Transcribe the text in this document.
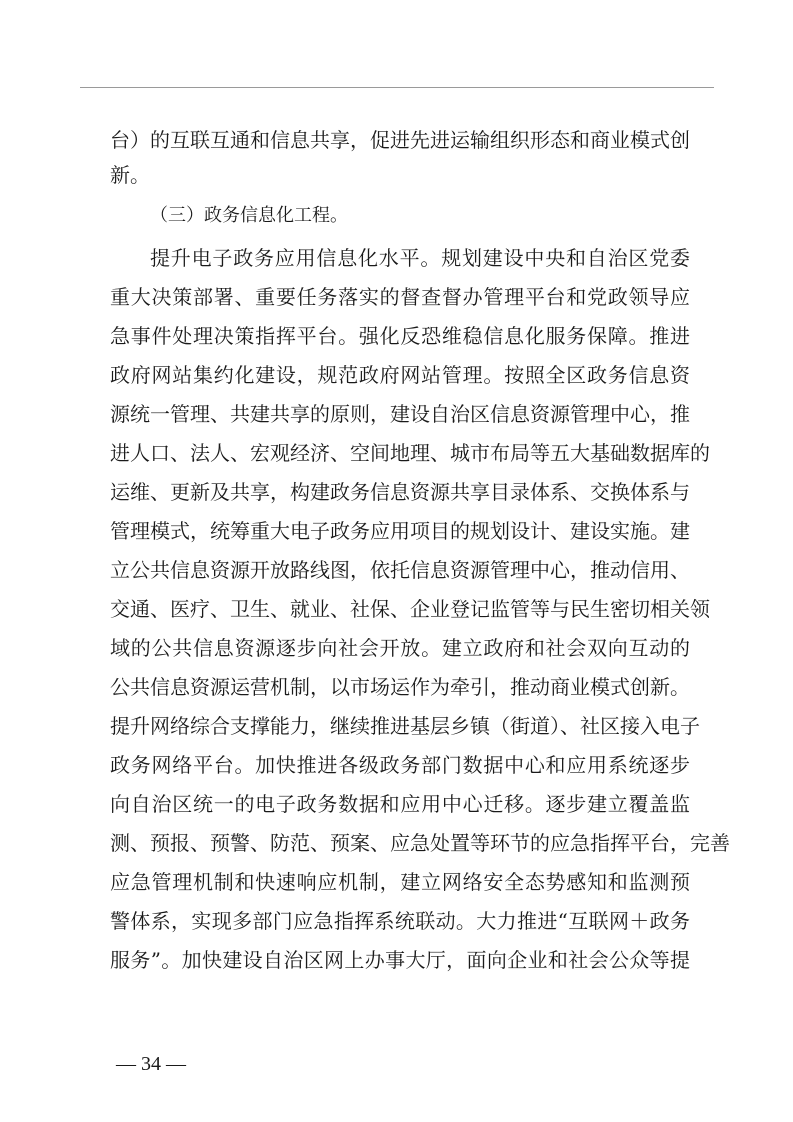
台）的互联互通和信息共享，促进先进运输组织形态和商业模式创
新。
（三）政务信息化工程。
提升电子政务应用信息化水平。规划建设中央和自治区党委
重大决策部署、重要任务落实的督查督办管理平台和党政领导应
急事件处理决策指挥平台。强化反恐维稳信息化服务保障。推进
政府网站集约化建设，规范政府网站管理。按照全区政务信息资
源统一管理、共建共享的原则，建设自治区信息资源管理中心，推
进人口、法人、宏观经济、空间地理、城市布局等五大基础数据库的
运维、更新及共享，构建政务信息资源共享目录体系、交换体系与
管理模式，统筹重大电子政务应用项目的规划设计、建设实施。建
立公共信息资源开放路线图，依托信息资源管理中心，推动信用、
交通、医疗、卫生、就业、社保、企业登记监管等与民生密切相关领
域的公共信息资源逐步向社会开放。建立政府和社会双向互动的
公共信息资源运营机制，以市场运作为牵引，推动商业模式创新。
提升网络综合支撑能力，继续推进基层乡镇（街道）、社区接入电子
政务网络平台。加快推进各级政务部门数据中心和应用系统逐步
向自治区统一的电子政务数据和应用中心迁移。逐步建立覆盖监
测、预报、预警、防范、预案、应急处置等环节的应急指挥平台，完善
应急管理机制和快速响应机制，建立网络安全态势感知和监测预
警体系，实现多部门应急指挥系统联动。大力推进“互联网＋政务
服务”。加快建设自治区网上办事大厅，面向企业和社会公众等提
— 34 —
